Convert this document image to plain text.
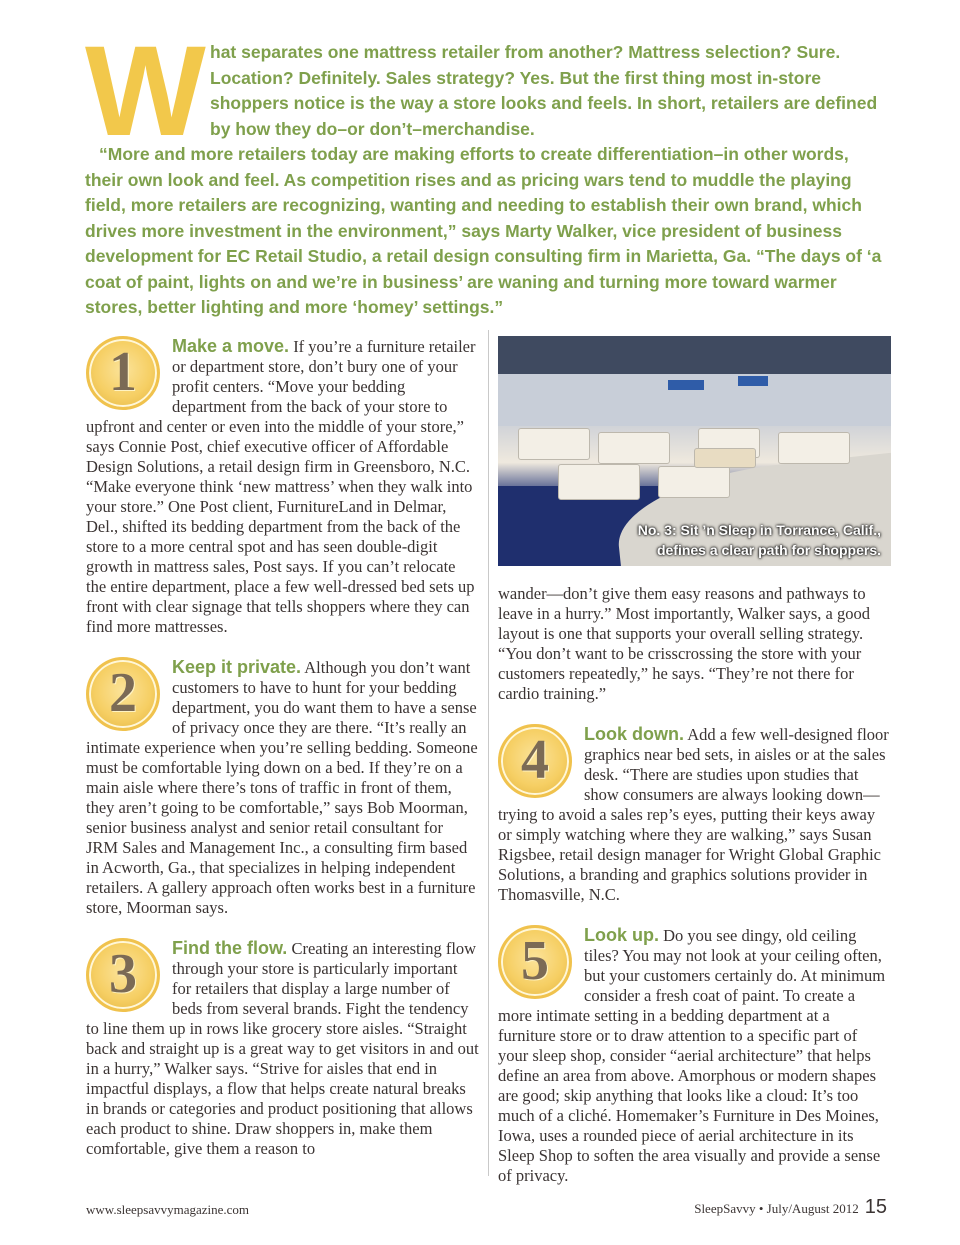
W hat separates one mattress retailer from another? Mattress selection? Sure. Location? Definitely. Sales strategy? Yes. But the first thing most in-store shoppers notice is the way a store looks and feels. In short, retailers are defined by how they do–or don’t–merchandise.

“More and more retailers today are making efforts to create differentiation–in other words, their own look and feel. As competition rises and as pricing wars tend to muddle the playing field, more retailers are recognizing, wanting and needing to establish their own brand, which drives more investment in the environment,” says Marty Walker, vice president of business development for EC Retail Studio, a retail design consulting firm in Marietta, Ga. “The days of ‘a coat of paint, lights on and we’re in business’ are waning and turning more toward warmer stores, better lighting and more ‘homey’ settings.”

1	Make a move. If you’re a furniture retailer or department store, don’t bury one of your profit centers. “Move your bedding department from the back of your store to upfront and center or even into the middle of your store,” says Connie Post, chief executive officer of Affordable Design Solutions, a retail design firm in Greensboro, N.C. “Make everyone think ‘new mattress’ when they walk into your store.” One Post client, FurnitureLand in Delmar, Del., shifted its bedding department from the back of the store to a more central spot and has seen double-digit growth in mattress sales, Post says. If you can’t relocate the entire department, place a few well-dressed bed sets up front with clear signage that tells shoppers where they can find more mattresses.

2	Keep it private. Although you don’t want customers to have to hunt for your bedding department, you do want them to have a sense of privacy once they are there. “It’s really an intimate experience when you’re selling bedding. Someone must be comfortable lying down on a bed. If they’re on a main aisle where there’s tons of traffic in front of them, they aren’t going to be comfortable,” says Bob Moorman, senior business analyst and senior retail consultant for JRM Sales and Management Inc., a consulting firm based in Acworth, Ga., that specializes in helping independent retailers. A gallery approach often works best in a furniture store, Moorman says.

3	Find the flow. Creating an interesting flow through your store is particularly important for retailers that display a large number of beds from several brands. Fight the tendency to line them up in rows like grocery store aisles. “Straight back and straight up is a great way to get visitors in and out in a hurry,” Walker says. “Strive for aisles that end in impactful displays, a flow that helps create natural breaks in brands or categories and product positioning that allows each product to shine. Draw shoppers in, make them comfortable, give them a reason to

No. 3: Sit ’n Sleep in Torrance, Calif.,
defines a clear path for shoppers.

wander—don’t give them easy reasons and pathways to leave in a hurry.” Most importantly, Walker says, a good layout is one that supports your overall selling strategy. “You don’t want to be crisscrossing the store with your customers repeatedly,” he says. “They’re not there for cardio training.”

4	Look down. Add a few well-designed floor graphics near bed sets, in aisles or at the sales desk. “There are studies upon studies that show consumers are always looking down—trying to avoid a sales rep’s eyes, putting their keys away or simply watching where they are walking,” says Susan Rigsbee, retail design manager for Wright Global Graphic Solutions, a branding and graphics solutions provider in Thomasville, N.C.

5	Look up. Do you see dingy, old ceiling tiles? You may not look at your ceiling often, but your customers certainly do. At minimum consider a fresh coat of paint. To create a more intimate setting in a bedding department at a furniture store or to draw attention to a specific part of your sleep shop, consider “aerial architecture” that helps define an area from above. Amorphous or modern shapes are good; skip anything that looks like a cloud: It’s too much of a cliché. Homemaker’s Furniture in Des Moines, Iowa, uses a rounded piece of aerial architecture in its Sleep Shop to soften the area visually and provide a sense of privacy.

www.sleepsavvymagazine.com	SleepSavvy • July/August 2012 15
